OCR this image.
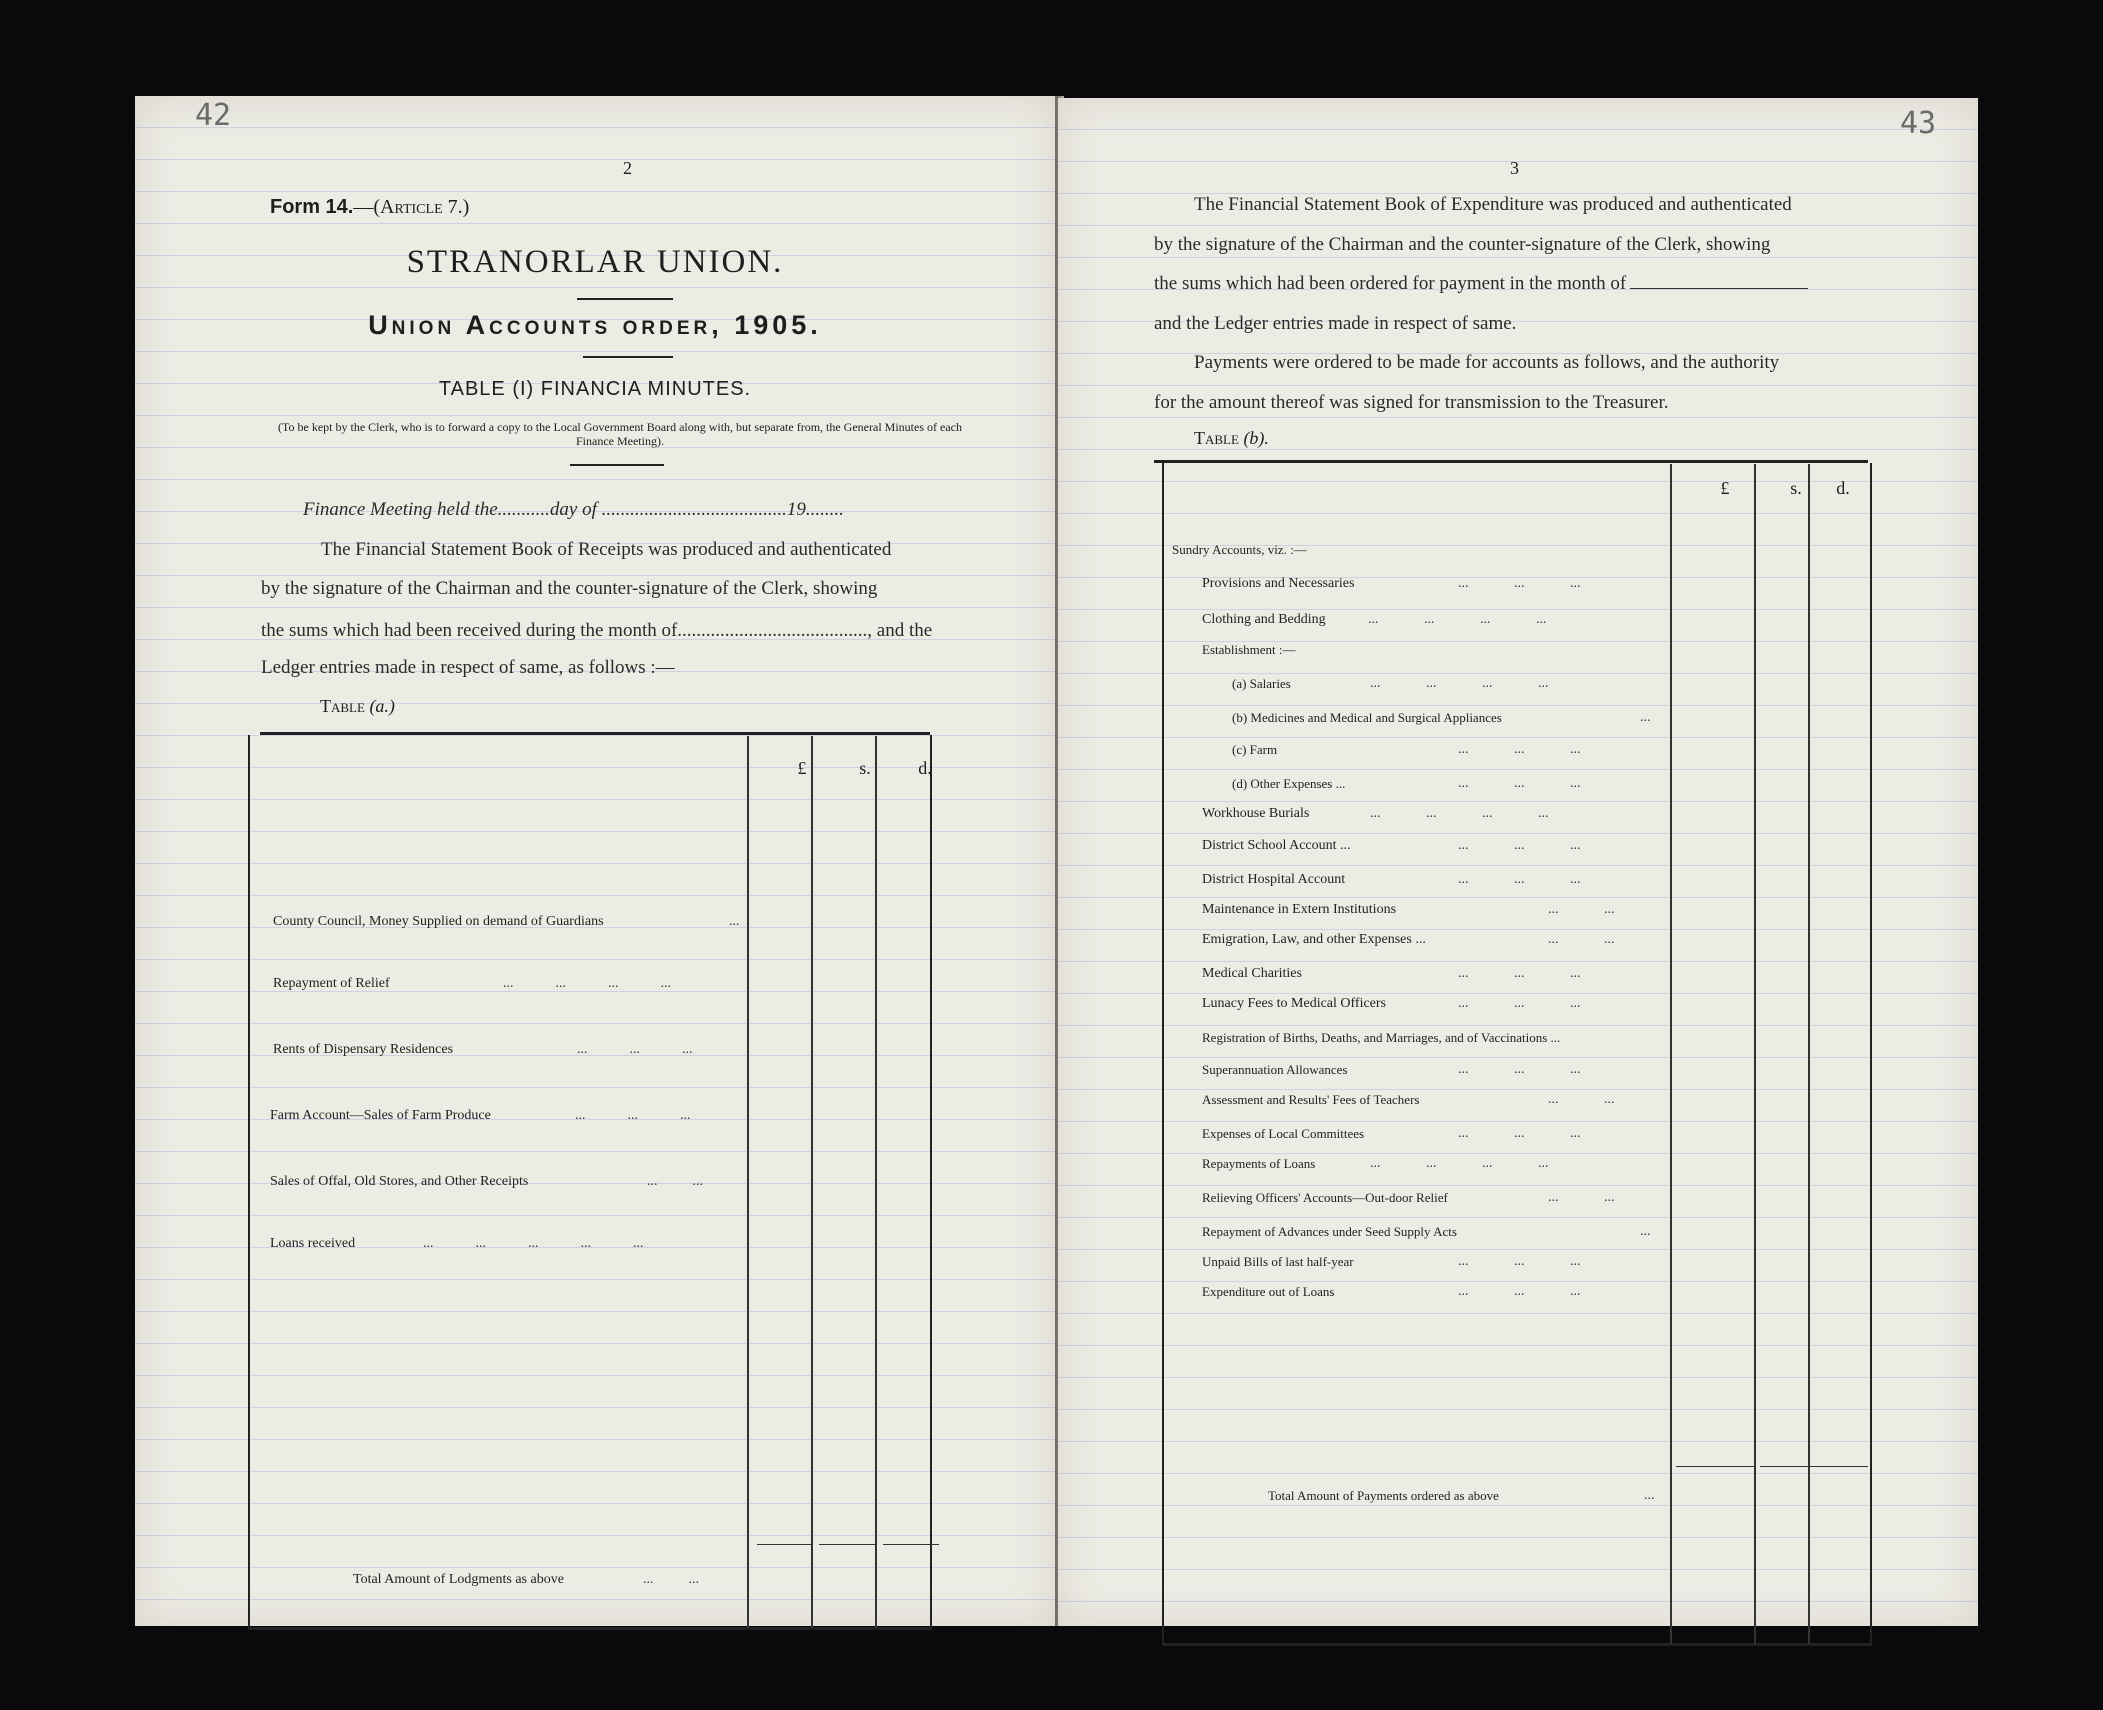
42
2
Form 14.—(Article 7.)
STRANORLAR UNION.
Union Accounts order, 1905.
TABLE (I) FINANCIA MINUTES.
(To be kept by the Clerk, who is to forward a copy to the Local Government Board along with, but separate from, the General Minutes of each Finance Meeting).
Finance Meeting held the...........day of .......................................19........
The Financial Statement Book of Receipts was produced and authenticated
by the signature of the Chairman and the counter-signature of the Clerk, showing
the sums which had been received during the month of........................................, and the
Ledger entries made in respect of same, as follows :—
Table (a.)
£	s.	d.
County Council, Money Supplied on demand of Guardians	...
Repayment of Relief	...	...	...	...
Rents of Dispensary Residences	...	...	...
Farm Account—Sales of Farm Produce	...	...	...
Sales of Offal, Old Stores, and Other Receipts	...	...
Loans received	...	...	...	...	...
Total Amount of Lodgments as above	...	...
43
3
The Financial Statement Book of Expenditure was produced and authenticated
by the signature of the Chairman and the counter-signature of the Clerk, showing
the sums which had been ordered for payment in the month of
and the Ledger entries made in respect of same.
Payments were ordered to be made for accounts as follows, and the authority
for the amount thereof was signed for transmission to the Treasurer.
Table (b).
£	s.	d.
Sundry Accounts, viz. :—
Provisions and Necessaries	...	...	...
Clothing and Bedding	...	...	...	...
Establishment :—
(a) Salaries	...	...	...	...
(b) Medicines and Medical and Surgical Appliances	...
(c) Farm	...	...	...
(d) Other Expenses ...	...	...	...
Workhouse Burials	...	...	...	...
District School Account ...	...	...	...
District Hospital Account	...	...	...
Maintenance in Extern Institutions	...	...
Emigration, Law, and other Expenses ...	...	...
Medical Charities	...	...	...
Lunacy Fees to Medical Officers	...	...	...
Registration of Births, Deaths, and Marriages, and of Vaccinations ...
Superannuation Allowances	...	...	...
Assessment and Results' Fees of Teachers	...	...
Expenses of Local Committees	...	...	...
Repayments of Loans	...	...	...	...
Relieving Officers' Accounts—Out-door Relief	...	...
Repayment of Advances under Seed Supply Acts	...
Unpaid Bills of last half-year	...	...	...
Expenditure out of Loans	...	...	...
Total Amount of Payments ordered as above	...
